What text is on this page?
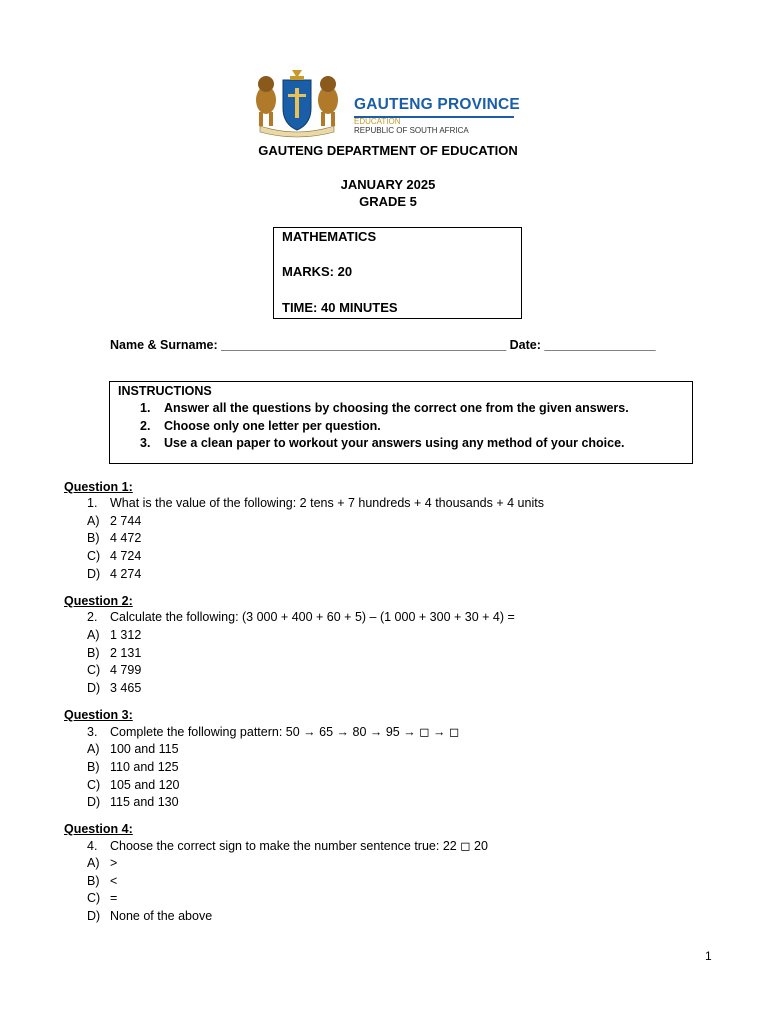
GAUTENG PROVINCE
EDUCATION
REPUBLIC OF SOUTH AFRICA
GAUTENG DEPARTMENT OF EDUCATION
JANUARY 2025
GRADE 5
MATHEMATICS
MARKS: 20
TIME: 40 MINUTES
Name & Surname: _________________________________________ Date: ________________
INSTRUCTIONS
1. Answer all the questions by choosing the correct one from the given answers.
2. Choose only one letter per question.
3. Use a clean paper to workout your answers using any method of your choice.
Question 1:
1. What is the value of the following: 2 tens + 7 hundreds + 4 thousands + 4 units
A) 2 744
B) 4 472
C) 4 724
D) 4 274
Question 2:
2. Calculate the following: (3 000 + 400 + 60 + 5) – (1 000 + 300 + 30 + 4) =
A) 1 312
B) 2 131
C) 4 799
D) 3 465
Question 3:
3. Complete the following pattern: 50 → 65 → 80 → 95 → ◻ → ◻
A) 100 and 115
B) 110 and 125
C) 105 and 120
D) 115 and 130
Question 4:
4. Choose the correct sign to make the number sentence true: 22 ◻ 20
A) >
B) <
C) =
D) None of the above
1
